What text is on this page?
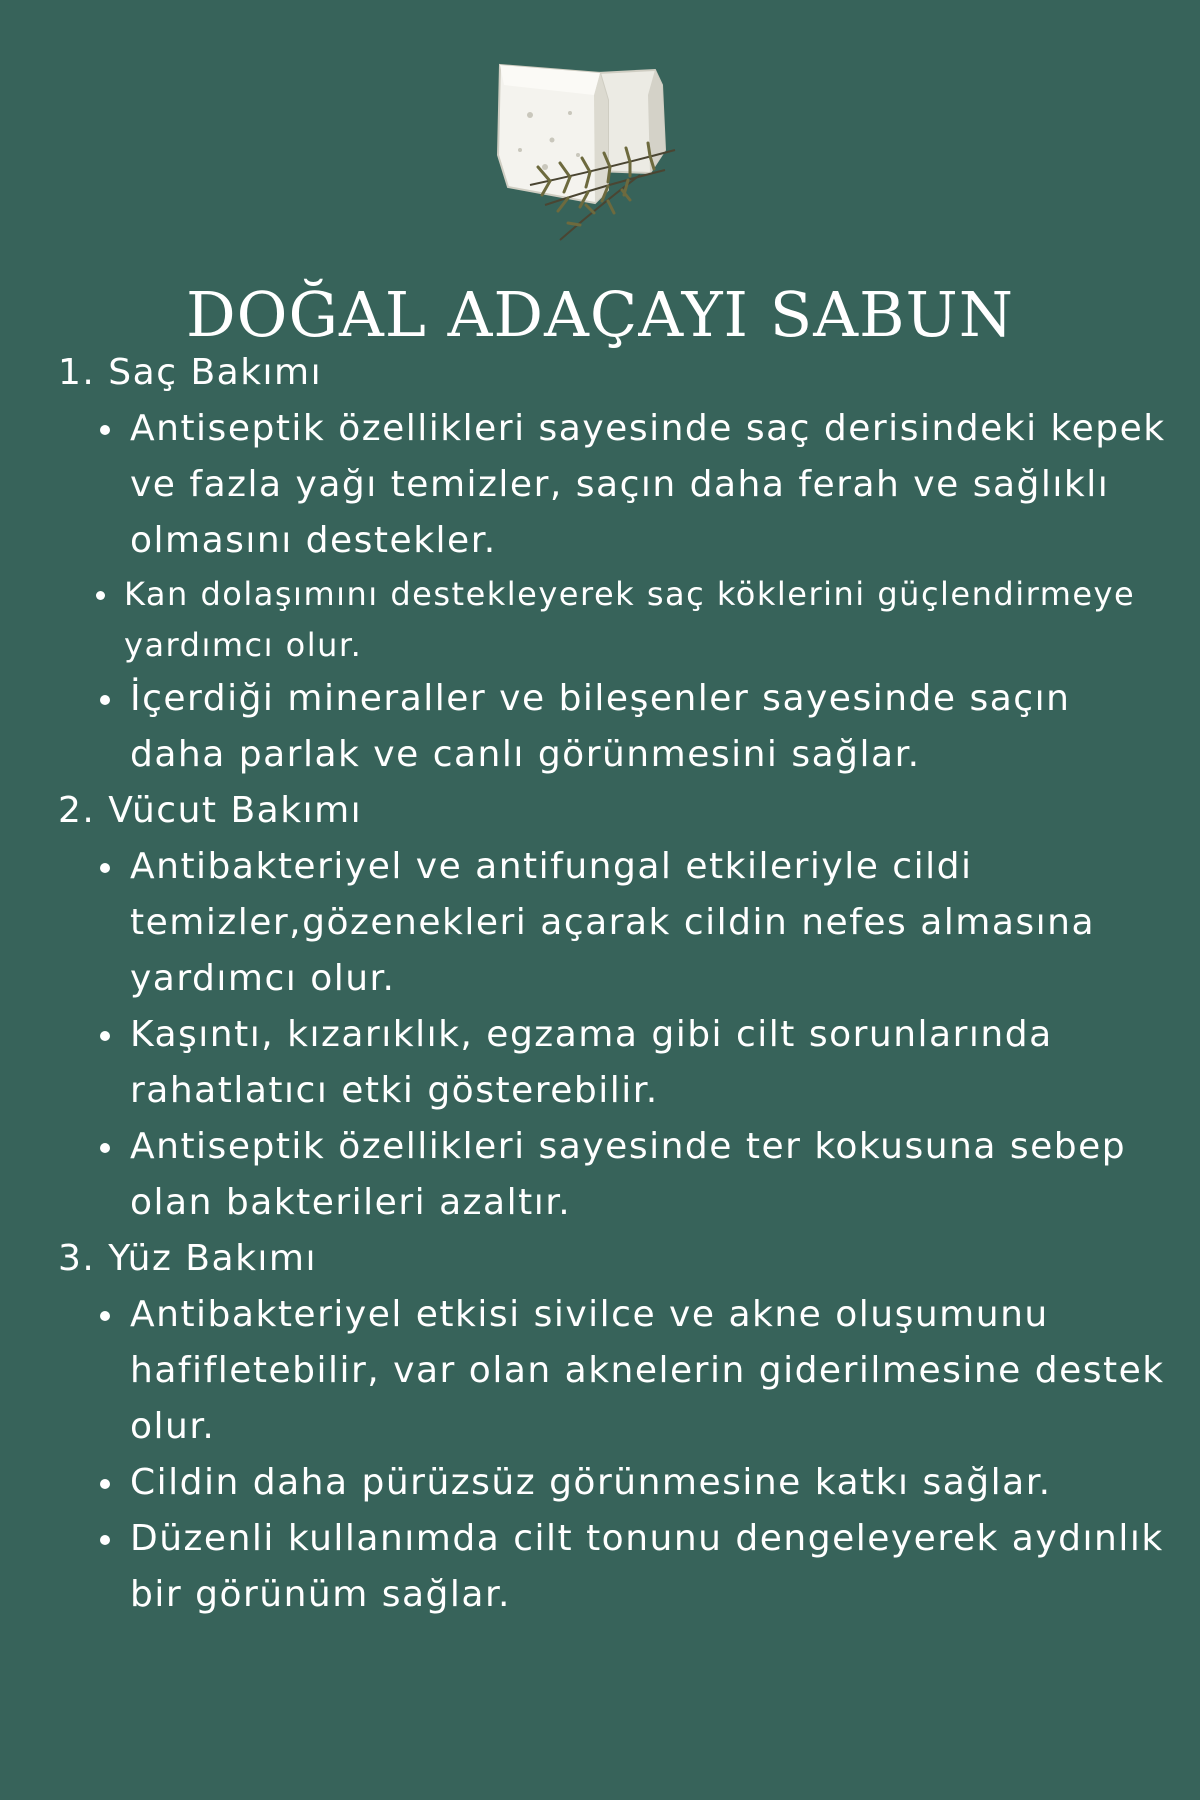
DOĞAL ADAÇAYI SABUN
1. Saç Bakımı
Antiseptik özellikleri sayesinde saç derisindeki kepek ve fazla yağı temizler, saçın daha ferah ve sağlıklı olmasını destekler.
Kan dolaşımını destekleyerek saç köklerini güçlendirmeye yardımcı olur.
İçerdiği mineraller ve bileşenler sayesinde saçın daha parlak ve canlı görünmesini sağlar.
2. Vücut Bakımı
Antibakteriyel ve antifungal etkileriyle cildi temizler,gözenekleri açarak cildin nefes almasına yardımcı olur.
Kaşıntı, kızarıklık, egzama gibi cilt sorunlarında rahatlatıcı etki gösterebilir.
Antiseptik özellikleri sayesinde ter kokusuna sebep olan bakterileri azaltır.
3. Yüz Bakımı
Antibakteriyel etkisi sivilce ve akne oluşumunu hafifletebilir, var olan aknelerin giderilmesine destek olur.
Cildin daha pürüzsüz görünmesine katkı sağlar.
Düzenli kullanımda cilt tonunu dengeleyerek aydınlık bir görünüm sağlar.
